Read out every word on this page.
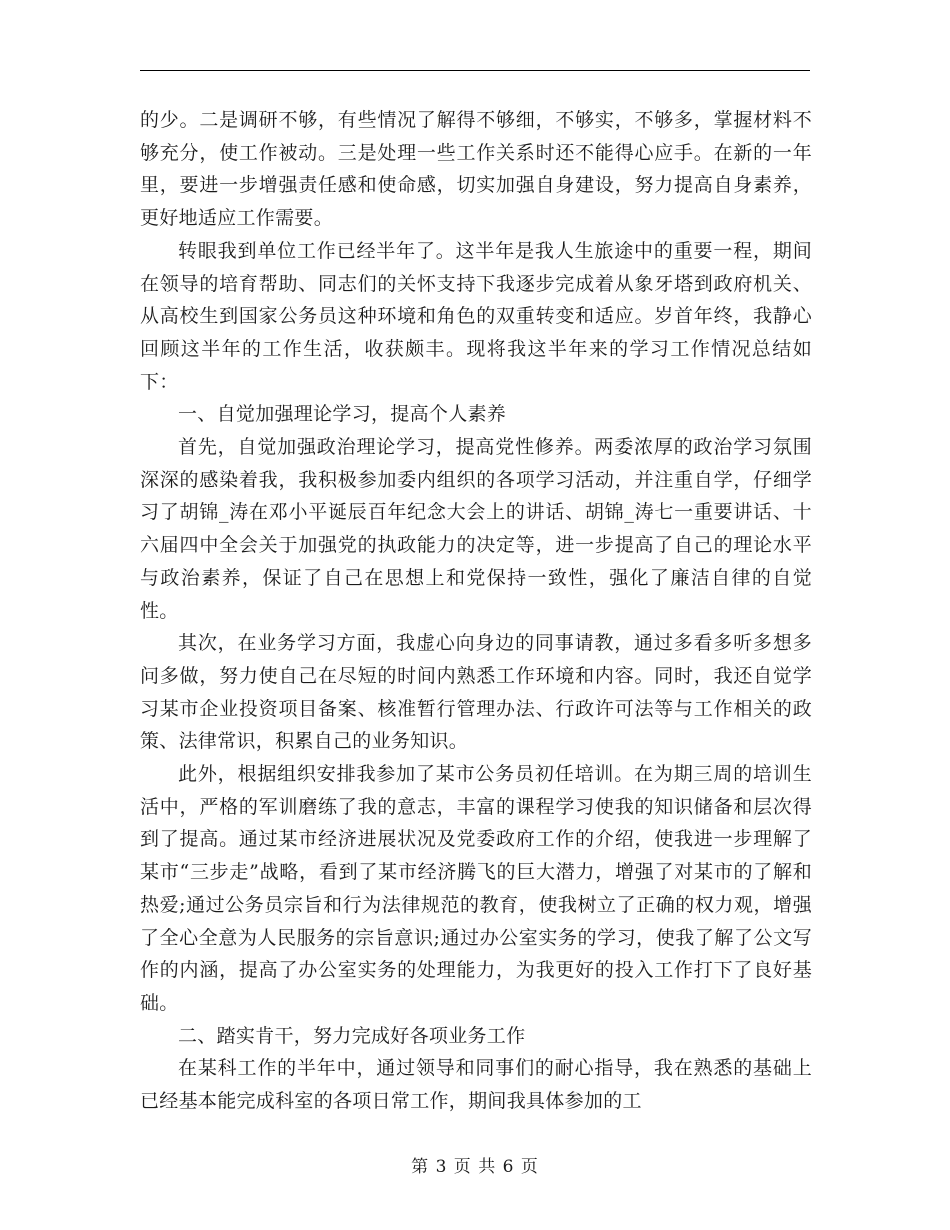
的少。二是调研不够，有些情况了解得不够细，不够实，不够多，掌握材料不够充分，使工作被动。三是处理一些工作关系时还不能得心应手。在新的一年里，要进一步增强责任感和使命感，切实加强自身建设，努力提高自身素养，更好地适应工作需要。

转眼我到单位工作已经半年了。这半年是我人生旅途中的重要一程，期间在领导的培育帮助、同志们的关怀支持下我逐步完成着从象牙塔到政府机关、从高校生到国家公务员这种环境和角色的双重转变和适应。岁首年终，我静心回顾这半年的工作生活，收获颇丰。现将我这半年来的学习工作情况总结如下：

一、自觉加强理论学习，提高个人素养

首先，自觉加强政治理论学习，提高党性修养。两委浓厚的政治学习氛围深深的感染着我，我积极参加委内组织的各项学习活动，并注重自学，仔细学习了胡锦_涛在邓小平诞辰百年纪念大会上的讲话、胡锦_涛七一重要讲话、十六届四中全会关于加强党的执政能力的决定等，进一步提高了自己的理论水平与政治素养，保证了自己在思想上和党保持一致性，强化了廉洁自律的自觉性。

其次，在业务学习方面，我虚心向身边的同事请教，通过多看多听多想多问多做，努力使自己在尽短的时间内熟悉工作环境和内容。同时，我还自觉学习某市企业投资项目备案、核准暂行管理办法、行政许可法等与工作相关的政策、法律常识，积累自己的业务知识。

此外，根据组织安排我参加了某市公务员初任培训。在为期三周的培训生活中，严格的军训磨练了我的意志，丰富的课程学习使我的知识储备和层次得到了提高。通过某市经济进展状况及党委政府工作的介绍，使我进一步理解了某市“三步走”战略，看到了某市经济腾飞的巨大潜力，增强了对某市的了解和热爱;通过公务员宗旨和行为法律规范的教育，使我树立了正确的权力观，增强了全心全意为人民服务的宗旨意识;通过办公室实务的学习，使我了解了公文写作的内涵，提高了办公室实务的处理能力，为我更好的投入工作打下了良好基础。

二、踏实肯干，努力完成好各项业务工作

在某科工作的半年中，通过领导和同事们的耐心指导，我在熟悉的基础上已经基本能完成科室的各项日常工作，期间我具体参加的工

第 3 页 共 6 页
